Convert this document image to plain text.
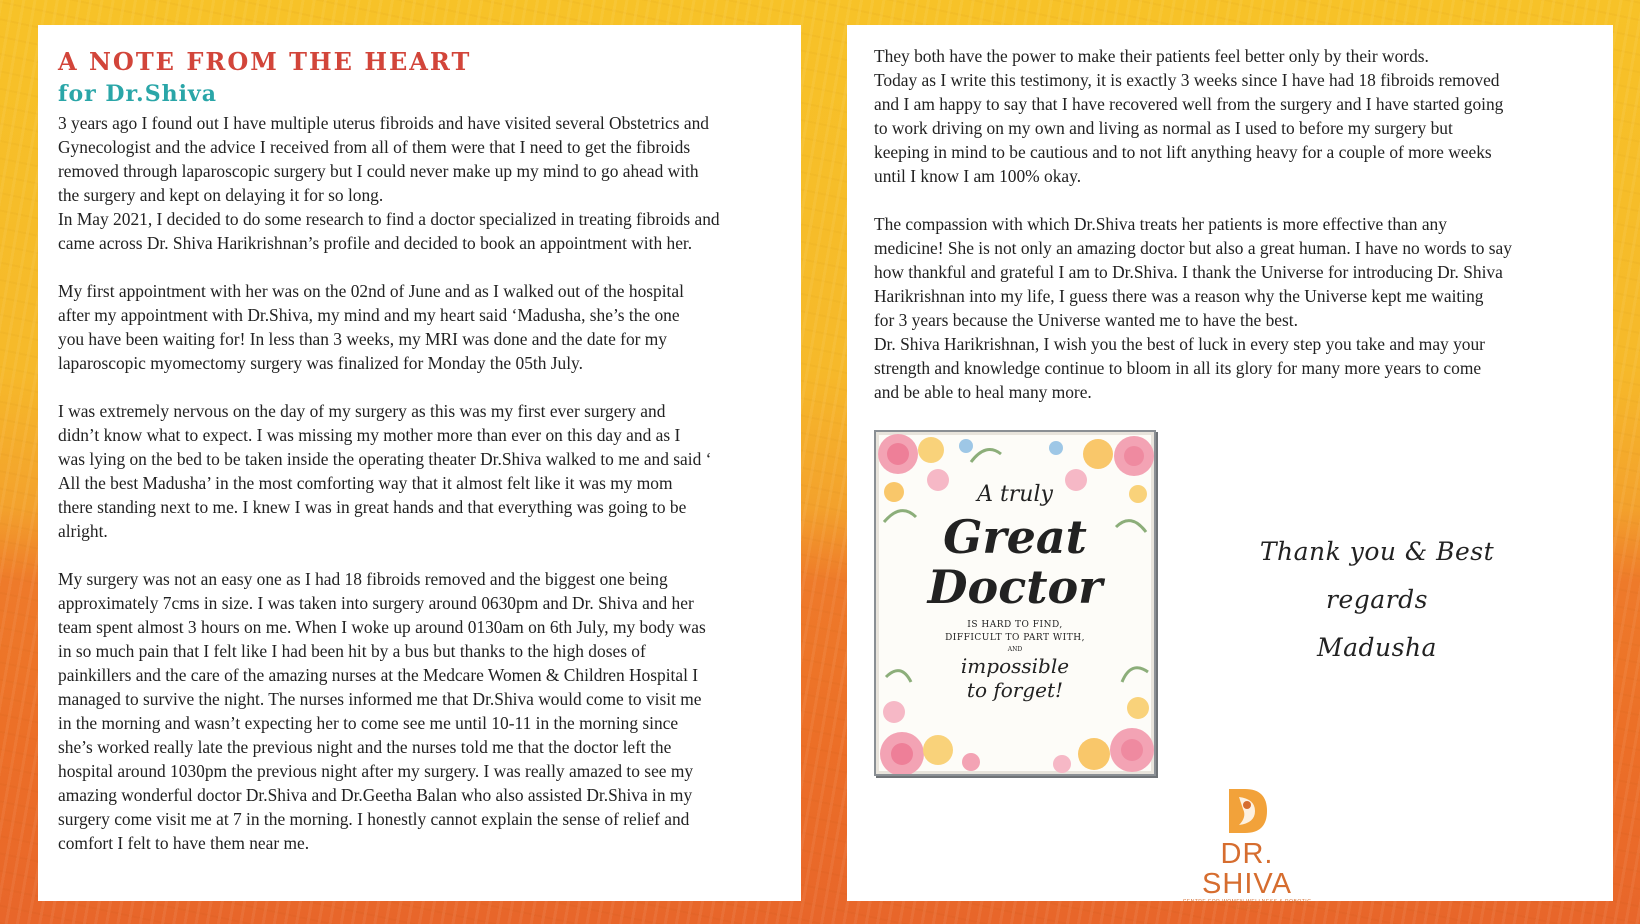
A NOTE FROM THE HEART
for Dr.Shiva

3 years ago I found out I have multiple uterus fibroids and have visited several Obstetrics and
Gynecologist and the advice I received from all of them were that I need to get the fibroids
removed through laparoscopic surgery but I could never make up my mind to go ahead with
the surgery and kept on delaying it for so long.
In May 2021, I decided to do some research to find a doctor specialized in treating fibroids and
came across Dr. Shiva Harikrishnan’s profile and decided to book an appointment with her.

My first appointment with her was on the 02nd of June and as I walked out of the hospital
after my appointment with Dr.Shiva, my mind and my heart said ‘Madusha, she’s the one
you have been waiting for! In less than 3 weeks, my MRI was done and the date for my
laparoscopic myomectomy surgery was finalized for Monday the 05th July.

I was extremely nervous on the day of my surgery as this was my first ever surgery and
didn’t know what to expect. I was missing my mother more than ever on this day and as I
was lying on the bed to be taken inside the operating theater Dr.Shiva walked to me and said ‘
All the best Madusha’ in the most comforting way that it almost felt like it was my mom
there standing next to me. I knew I was in great hands and that everything was going to be
alright.

My surgery was not an easy one as I had 18 fibroids removed and the biggest one being
approximately 7cms in size. I was taken into surgery around 0630pm and Dr. Shiva and her
team spent almost 3 hours on me. When I woke up around 0130am on 6th July, my body was
in so much pain that I felt like I had been hit by a bus but thanks to the high doses of
painkillers and the care of the amazing nurses at the Medcare Women & Children Hospital I
managed to survive the night. The nurses informed me that Dr.Shiva would come to visit me
in the morning and wasn’t expecting her to come see me until 10-11 in the morning since
she’s worked really late the previous night and the nurses told me that the doctor left the
hospital around 1030pm the previous night after my surgery. I was really amazed to see my
amazing wonderful doctor Dr.Shiva and Dr.Geetha Balan who also assisted Dr.Shiva in my
surgery come visit me at 7 in the morning. I honestly cannot explain the sense of relief and
comfort I felt to have them near me.

They both have the power to make their patients feel better only by their words.
Today as I write this testimony, it is exactly 3 weeks since I have had 18 fibroids removed
and I am happy to say that I have recovered well from the surgery and I have started going
to work driving on my own and living as normal as I used to before my surgery but
keeping in mind to be cautious and to not lift anything heavy for a couple of more weeks
until I know I am 100% okay.

The compassion with which Dr.Shiva treats her patients is more effective than any
medicine! She is not only an amazing doctor but also a great human. I have no words to say
how thankful and grateful I am to Dr.Shiva. I thank the Universe for introducing Dr. Shiva
Harikrishnan into my life, I guess there was a reason why the Universe kept me waiting
for 3 years because the Universe wanted me to have the best.
Dr. Shiva Harikrishnan, I wish you the best of luck in every step you take and may your
strength and knowledge continue to bloom in all its glory for many more years to come
and be able to heal many more.

A truly
Great
Doctor
IS HARD TO FIND,
DIFFICULT TO PART WITH,
AND
impossible
to forget!
Thank you & Best regards
Madusha
DR. SHIVA
CENTRE FOR WOMEN WELLNESS & ROBOTIC SURGERY
